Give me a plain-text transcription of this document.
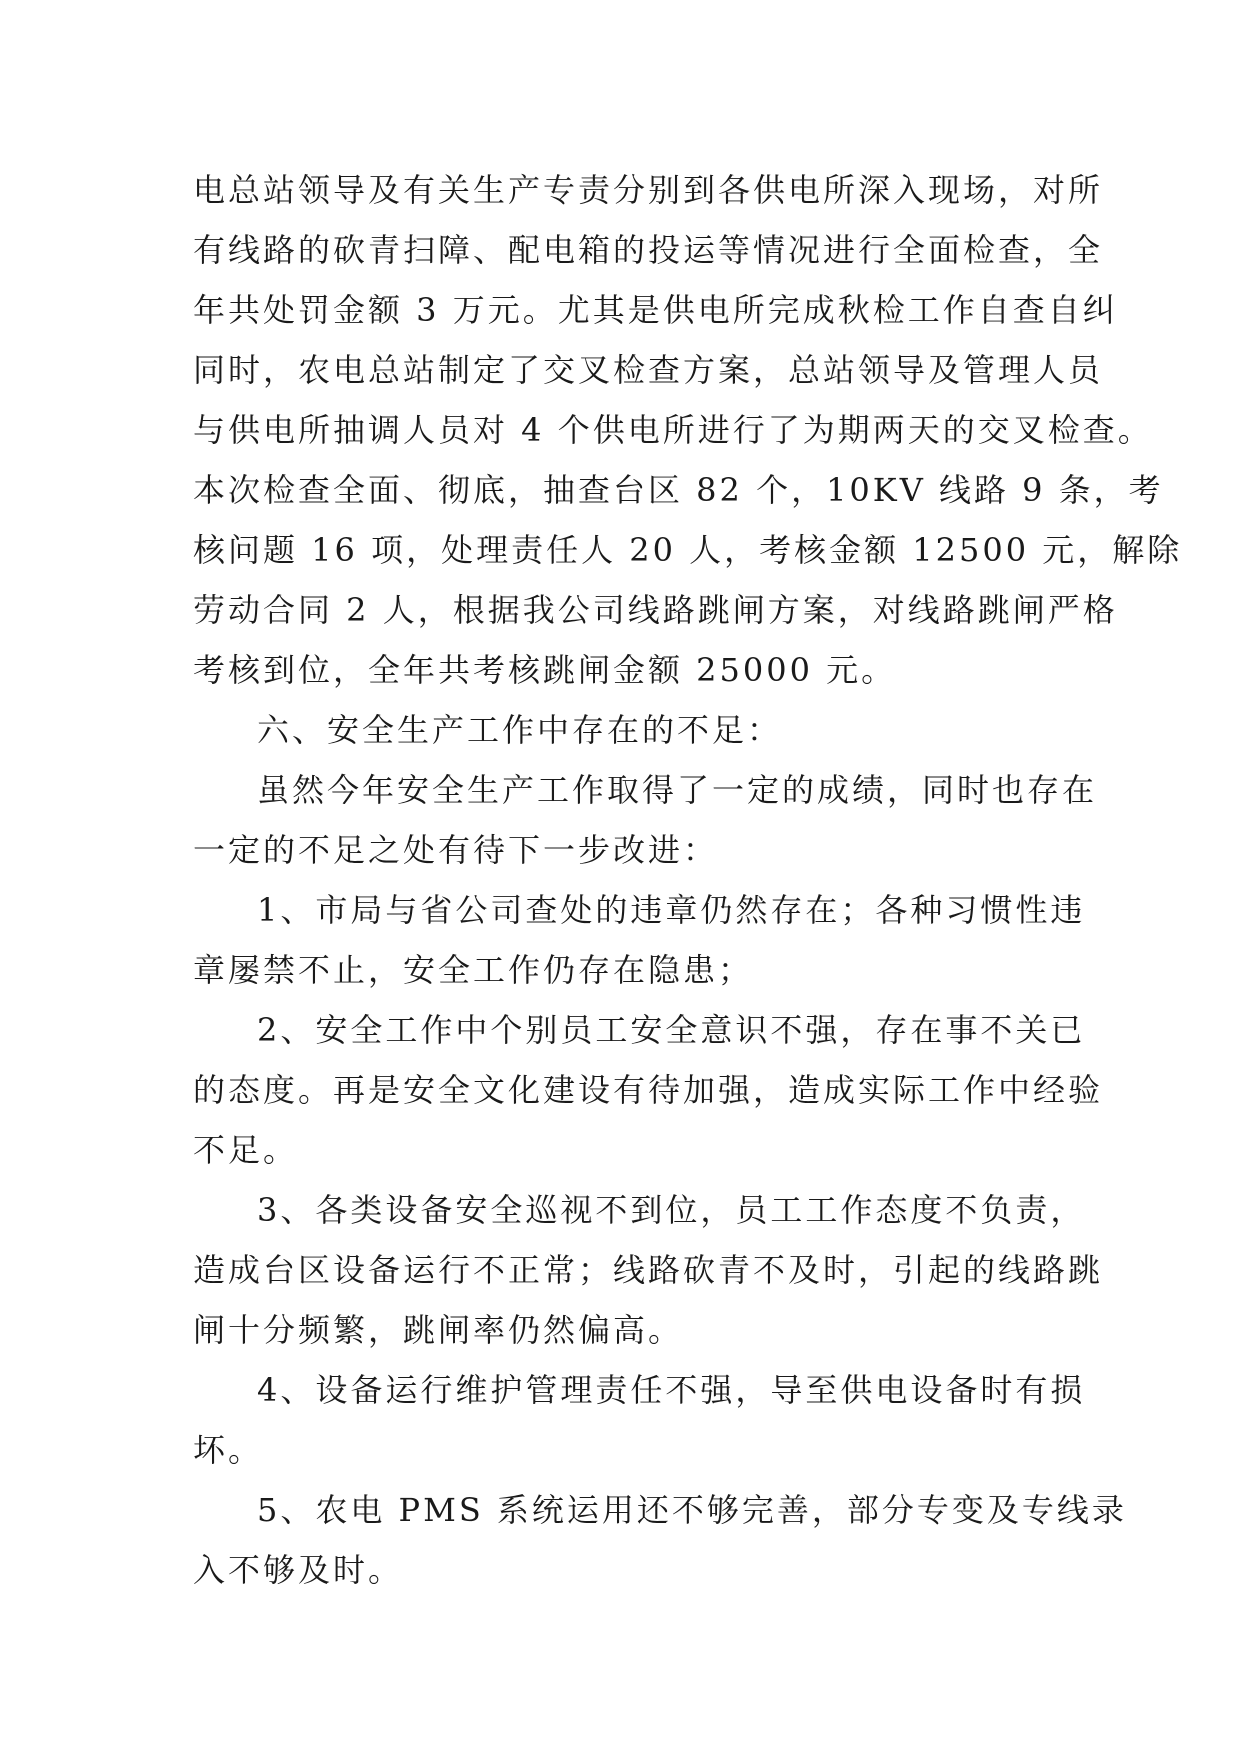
电总站领导及有关生产专责分别到各供电所深入现场，对所
有线路的砍青扫障、配电箱的投运等情况进行全面检查，全
年共处罚金额 3 万元。尤其是供电所完成秋检工作自查自纠
同时，农电总站制定了交叉检查方案，总站领导及管理人员
与供电所抽调人员对 4 个供电所进行了为期两天的交叉检查。
本次检查全面、彻底，抽查台区 82 个，10KV 线路 9 条，考
核问题 16 项，处理责任人 20 人，考核金额 12500 元，解除
劳动合同 2 人，根据我公司线路跳闸方案，对线路跳闸严格
考核到位，全年共考核跳闸金额 25000 元。
六、安全生产工作中存在的不足：
虽然今年安全生产工作取得了一定的成绩，同时也存在
一定的不足之处有待下一步改进：
1、市局与省公司查处的违章仍然存在；各种习惯性违
章屡禁不止，安全工作仍存在隐患；
2、安全工作中个别员工安全意识不强，存在事不关已
的态度。再是安全文化建设有待加强，造成实际工作中经验
不足。
3、各类设备安全巡视不到位，员工工作态度不负责，
造成台区设备运行不正常；线路砍青不及时，引起的线路跳
闸十分频繁，跳闸率仍然偏高。
4、设备运行维护管理责任不强，导至供电设备时有损
坏。
5、农电 PMS 系统运用还不够完善，部分专变及专线录
入不够及时。
